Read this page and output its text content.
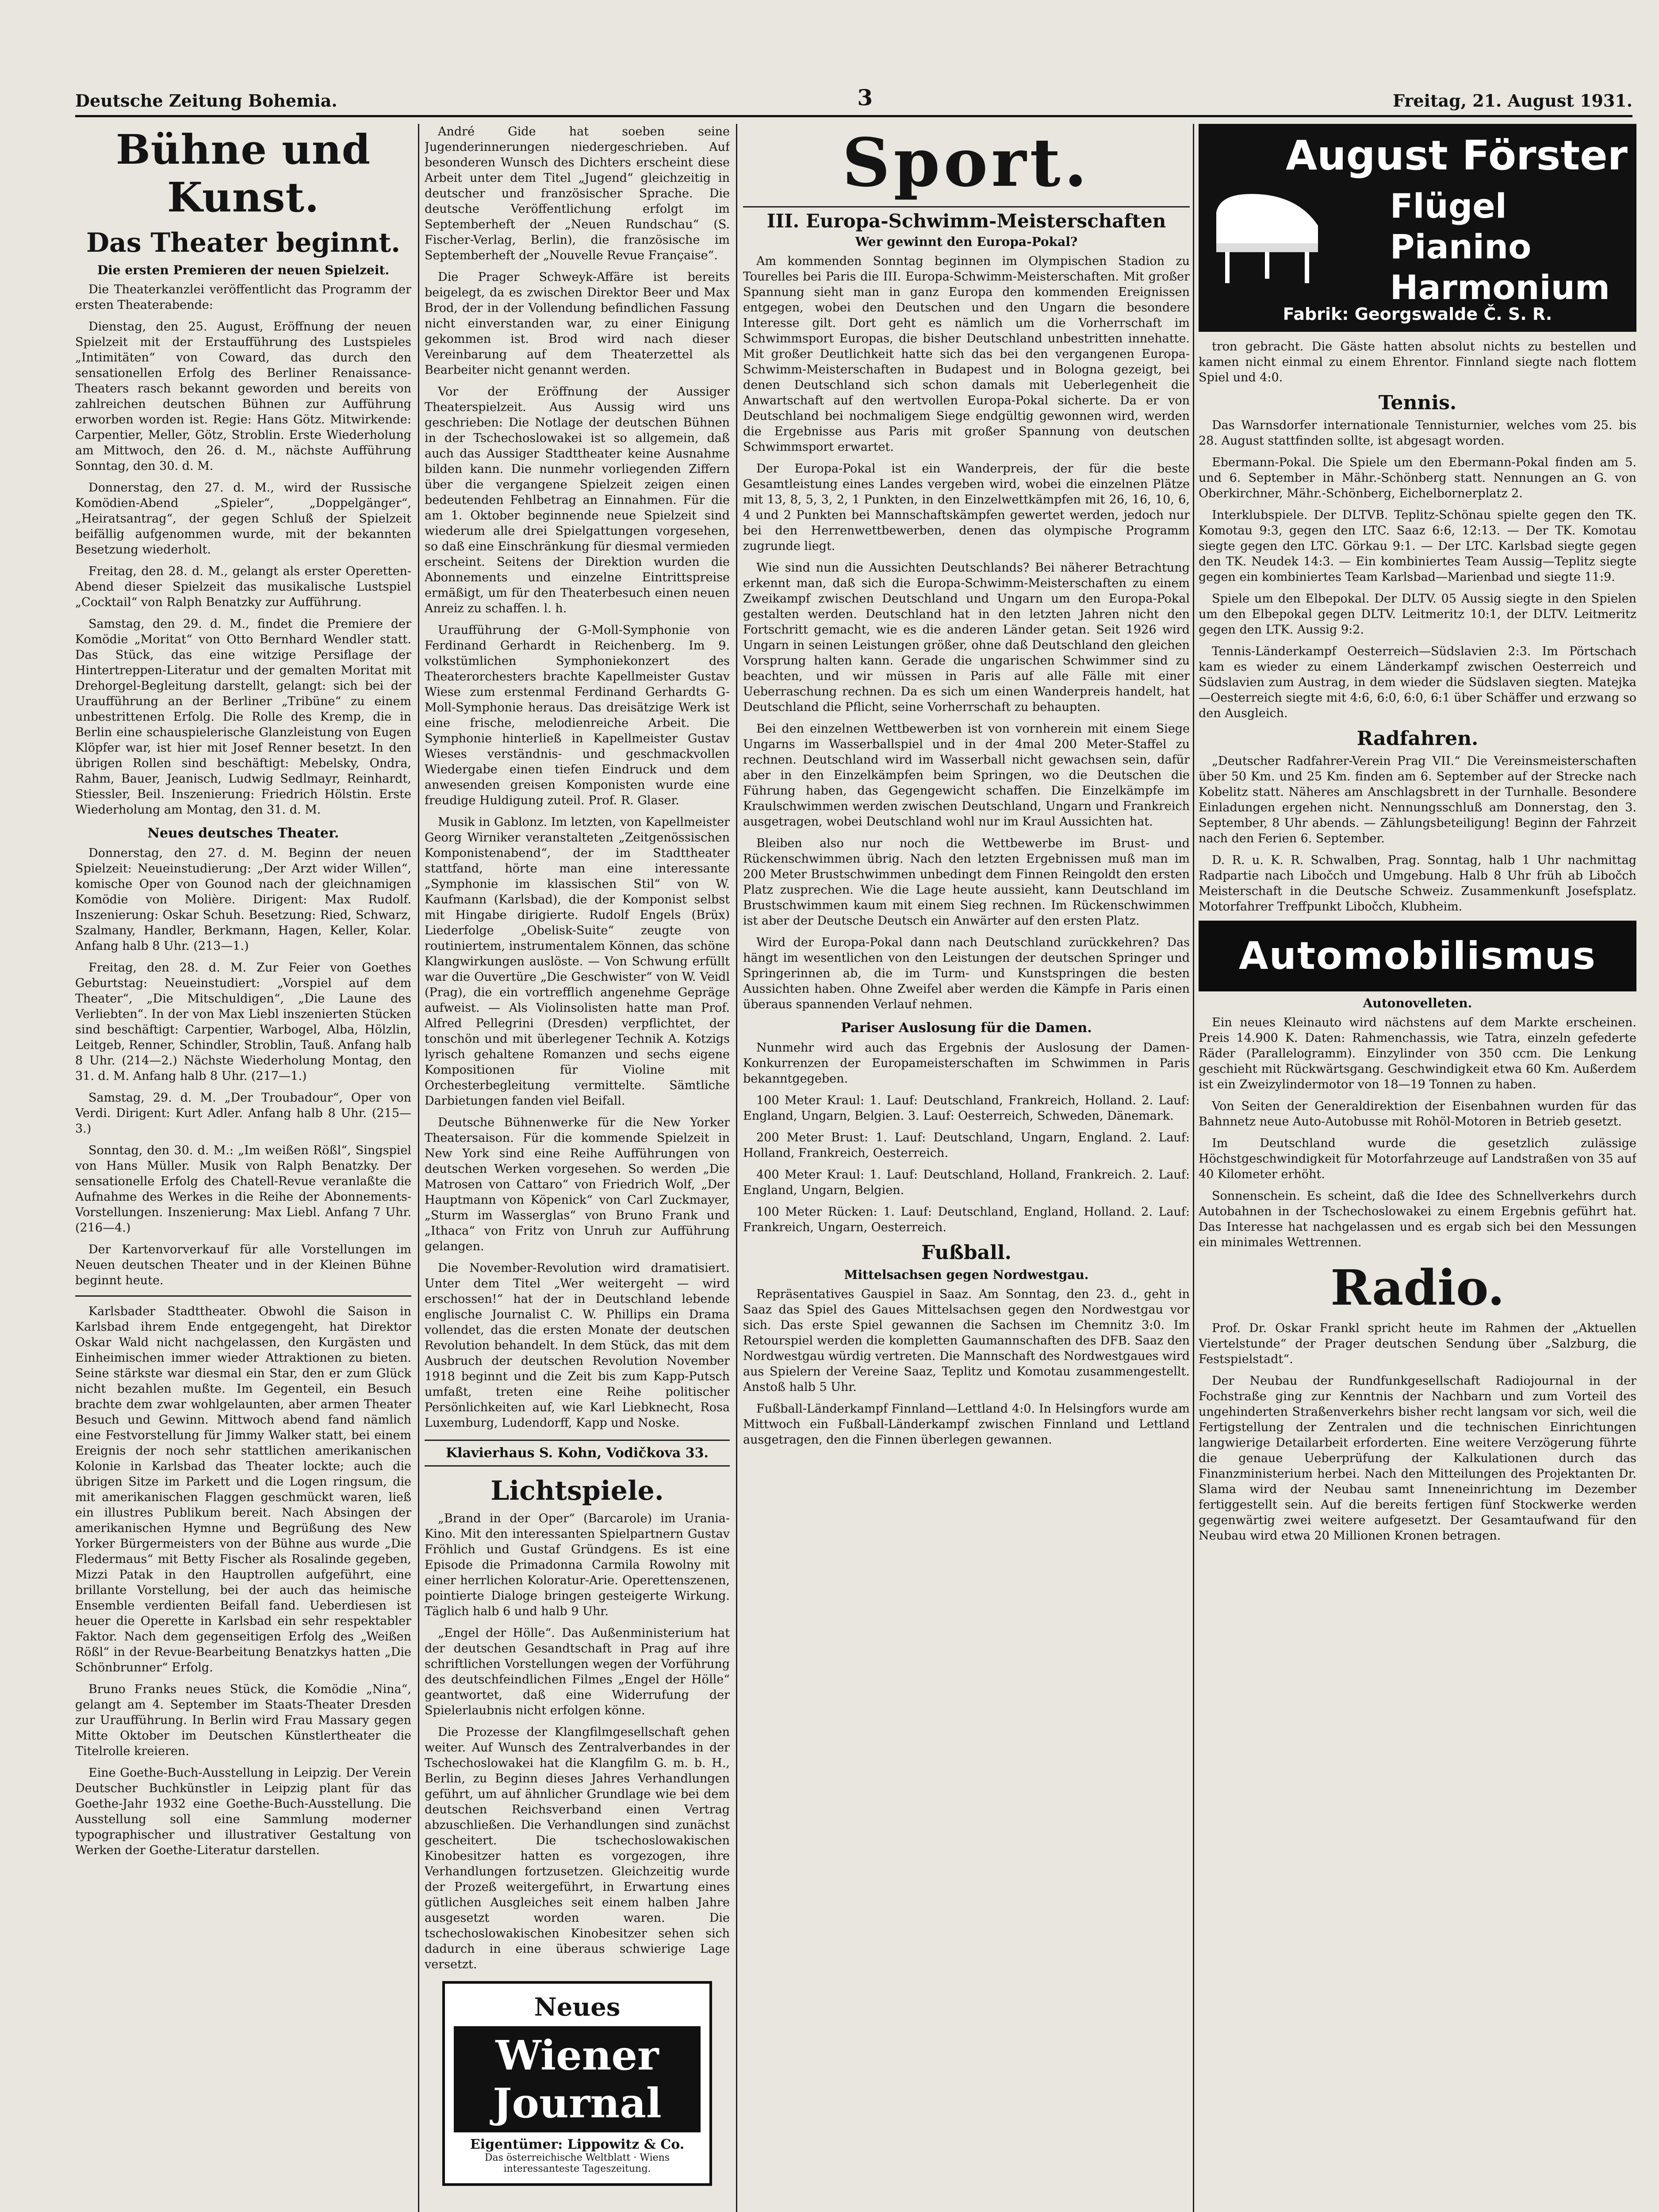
Deutsche Zeitung Bohemia.	3	Freitag, 21. August 1931.
Bühne und Kunst.
Das Theater beginnt.
Die ersten Premieren der neuen Spielzeit.

Die Theaterkanzlei veröffentlicht das Programm der ersten Theaterabende:

Dienstag, den 25. August, Eröffnung der neuen Spielzeit mit der Erstaufführung des Lustspieles „Intimitäten“ von Coward, das durch den sensationellen Erfolg des Berliner Renaissance-Theaters rasch bekannt geworden und bereits von zahlreichen deutschen Bühnen zur Aufführung erworben worden ist. Regie: Hans Götz. Mitwirkende: Carpentier, Meller, Götz, Stroblin. Erste Wiederholung am Mittwoch, den 26. d. M., nächste Aufführung Sonntag, den 30. d. M.

Donnerstag, den 27. d. M., wird der Russische Komödien-Abend „Spieler“, „Doppelgänger“, „Heiratsantrag“, der gegen Schluß der Spielzeit beifällig aufgenommen wurde, mit der bekannten Besetzung wiederholt.

Freitag, den 28. d. M., gelangt als erster Operetten-Abend dieser Spielzeit das musikalische Lustspiel „Cocktail“ von Ralph Benatzky zur Aufführung.

Samstag, den 29. d. M., findet die Premiere der Komödie „Moritat“ von Otto Bernhard Wendler statt. Das Stück, das eine witzige Persiflage der Hintertreppen-Literatur und der gemalten Moritat mit Drehorgel-Begleitung darstellt, gelangt: sich bei der Uraufführung an der Berliner „Tribüne“ zu einem unbestrittenen Erfolg. Die Rolle des Kremp, die in Berlin eine schauspielerische Glanzleistung von Eugen Klöpfer war, ist hier mit Josef Renner besetzt. In den übrigen Rollen sind beschäftigt: Mebelsky, Ondra, Rahm, Bauer, Jeanisch, Ludwig Sedlmayr, Reinhardt, Stiessler, Beil. Inszenierung: Friedrich Hölstin. Erste Wiederholung am Montag, den 31. d. M.

Neues deutsches Theater.

Donnerstag, den 27. d. M. Beginn der neuen Spielzeit: Neueinstudierung: „Der Arzt wider Willen“, komische Oper von Gounod nach der gleichnamigen Komödie von Molière. Dirigent: Max Rudolf. Inszenierung: Oskar Schuh. Besetzung: Ried, Schwarz, Szalmany, Handler, Berkmann, Hagen, Keller, Kolar. Anfang halb 8 Uhr. (213—1.)

Freitag, den 28. d. M. Zur Feier von Goethes Geburtstag: Neueinstudiert: „Vorspiel auf dem Theater“, „Die Mitschuldigen“, „Die Laune des Verliebten“. In der von Max Liebl inszenierten Stücken sind beschäftigt: Carpentier, Warbogel, Alba, Hölzlin, Leitgeb, Renner, Schindler, Stroblin, Tauß. Anfang halb 8 Uhr. (214—2.) Nächste Wiederholung Montag, den 31. d. M. Anfang halb 8 Uhr. (217—1.)

Samstag, 29. d. M. „Der Troubadour“, Oper von Verdi. Dirigent: Kurt Adler. Anfang halb 8 Uhr. (215—3.)

Sonntag, den 30. d. M.: „Im weißen Rößl“, Singspiel von Hans Müller. Musik von Ralph Benatzky. Der sensationelle Erfolg des Chatell-Revue veranlaßte die Aufnahme des Werkes in die Reihe der Abonnements-Vorstellungen. Inszenierung: Max Liebl. Anfang 7 Uhr. (216—4.)

Der Kartenvorverkauf für alle Vorstellungen im Neuen deutschen Theater und in der Kleinen Bühne beginnt heute.

Karlsbader Stadttheater. Obwohl die Saison in Karlsbad ihrem Ende entgegengeht, hat Direktor Oskar Wald nicht nachgelassen, den Kurgästen und Einheimischen immer wieder Attraktionen zu bieten. Seine stärkste war diesmal ein Star, den er zum Glück nicht bezahlen mußte. Im Gegenteil, ein Besuch brachte dem zwar wohlgelaunten, aber armen Theater Besuch und Gewinn. Mittwoch abend fand nämlich eine Festvorstellung für Jimmy Walker statt, bei einem Ereignis der noch sehr stattlichen amerikanischen Kolonie in Karlsbad das Theater lockte; auch die übrigen Sitze im Parkett und die Logen ringsum, die mit amerikanischen Flaggen geschmückt waren, ließ ein illustres Publikum bereit. Nach Absingen der amerikanischen Hymne und Begrüßung des New Yorker Bürgermeisters von der Bühne aus wurde „Die Fledermaus“ mit Betty Fischer als Rosalinde gegeben, Mizzi Patak in den Hauptrollen aufgeführt, eine brillante Vorstellung, bei der auch das heimische Ensemble verdienten Beifall fand. Ueberdiesen ist heuer die Operette in Karlsbad ein sehr respektabler Faktor. Nach dem gegenseitigen Erfolg des „Weißen Rößl“ in der Revue-Bearbeitung Benatzkys hatten „Die Schönbrunner“ Erfolg.

Bruno Franks neues Stück, die Komödie „Nina“, gelangt am 4. September im Staats-Theater Dresden zur Uraufführung. In Berlin wird Frau Massary gegen Mitte Oktober im Deutschen Künstlertheater die Titelrolle kreieren.

Eine Goethe-Buch-Ausstellung in Leipzig. Der Verein Deutscher Buchkünstler in Leipzig plant für das Goethe-Jahr 1932 eine Goethe-Buch-Ausstellung. Die Ausstellung soll eine Sammlung moderner typographischer und illustrativer Gestaltung von Werken der Goethe-Literatur darstellen.

André Gide hat soeben seine Jugenderinnerungen niedergeschrieben. Auf besonderen Wunsch des Dichters erscheint diese Arbeit unter dem Titel „Jugend“ gleichzeitig in deutscher und französischer Sprache. Die deutsche Veröffentlichung erfolgt im Septemberheft der „Neuen Rundschau“ (S. Fischer-Verlag, Berlin), die französische im Septemberheft der „Nouvelle Revue Française“.

Die Prager Schweyk-Affäre ist bereits beigelegt, da es zwischen Direktor Beer und Max Brod, der in der Vollendung befindlichen Fassung nicht einverstanden war, zu einer Einigung gekommen ist. Brod wird nach dieser Vereinbarung auf dem Theaterzettel als Bearbeiter nicht genannt werden.

Vor der Eröffnung der Aussiger Theaterspielzeit. Aus Aussig wird uns geschrieben: Die Notlage der deutschen Bühnen in der Tschechoslowakei ist so allgemein, daß auch das Aussiger Stadttheater keine Ausnahme bilden kann. Die nunmehr vorliegenden Ziffern über die vergangene Spielzeit zeigen einen bedeutenden Fehlbetrag an Einnahmen. Für die am 1. Oktober beginnende neue Spielzeit sind wiederum alle drei Spielgattungen vorgesehen, so daß eine Einschränkung für diesmal vermieden erscheint. Seitens der Direktion wurden die Abonnements und einzelne Eintrittspreise ermäßigt, um für den Theaterbesuch einen neuen Anreiz zu schaffen. l. h.

Uraufführung der G-Moll-Symphonie von Ferdinand Gerhardt in Reichenberg. Im 9. volkstümlichen Symphoniekonzert des Theaterorchesters brachte Kapellmeister Gustav Wiese zum erstenmal Ferdinand Gerhardts G-Moll-Symphonie heraus. Das dreisätzige Werk ist eine frische, melodienreiche Arbeit. Die Symphonie hinterließ in Kapellmeister Gustav Wieses verständnis- und geschmackvollen Wiedergabe einen tiefen Eindruck und dem anwesenden greisen Komponisten wurde eine freudige Huldigung zuteil. Prof. R. Glaser.

Musik in Gablonz. Im letzten, von Kapellmeister Georg Wirniker veranstalteten „Zeitgenössischen Komponistenabend“, der im Stadttheater stattfand, hörte man eine interessante „Symphonie im klassischen Stil“ von W. Kaufmann (Karlsbad), die der Komponist selbst mit Hingabe dirigierte. Rudolf Engels (Brüx) Liederfolge „Obelisk-Suite“ zeugte von routiniertem, instrumentalem Können, das schöne Klangwirkungen auslöste. — Von Schwung erfüllt war die Ouvertüre „Die Geschwister“ von W. Veidl (Prag), die ein vortrefflich angenehme Gepräge aufweist. — Als Violinsolisten hatte man Prof. Alfred Pellegrini (Dresden) verpflichtet, der tonschön und mit überlegener Technik A. Kotzigs lyrisch gehaltene Romanzen und sechs eigene Kompositionen für Violine mit Orchesterbegleitung vermittelte. Sämtliche Darbietungen fanden viel Beifall.

Deutsche Bühnenwerke für die New Yorker Theatersaison. Für die kommende Spielzeit in New York sind eine Reihe Aufführungen von deutschen Werken vorgesehen. So werden „Die Matrosen von Cattaro“ von Friedrich Wolf, „Der Hauptmann von Köpenick“ von Carl Zuckmayer, „Sturm im Wasserglas“ von Bruno Frank und „Ithaca“ von Fritz von Unruh zur Aufführung gelangen.

Die November-Revolution wird dramatisiert. Unter dem Titel „Wer weitergeht — wird erschossen!“ hat der in Deutschland lebende englische Journalist C. W. Phillips ein Drama vollendet, das die ersten Monate der deutschen Revolution behandelt. In dem Stück, das mit dem Ausbruch der deutschen Revolution November 1918 beginnt und die Zeit bis zum Kapp-Putsch umfaßt, treten eine Reihe politischer Persönlichkeiten auf, wie Karl Liebknecht, Rosa Luxemburg, Ludendorff, Kapp und Noske.

Klavierhaus S. Kohn, Vodičkova 33.
Lichtspiele.

„Brand in der Oper“ (Barcarole) im Urania-Kino. Mit den interessanten Spielpartnern Gustav Fröhlich und Gustaf Gründgens. Es ist eine Episode die Primadonna Carmila Rowolny mit einer herrlichen Koloratur-Arie. Operettenszenen, pointierte Dialoge bringen gesteigerte Wirkung. Täglich halb 6 und halb 9 Uhr.

„Engel der Hölle“. Das Außenministerium hat der deutschen Gesandtschaft in Prag auf ihre schriftlichen Vorstellungen wegen der Vorführung des deutschfeindlichen Filmes „Engel der Hölle“ geantwortet, daß eine Widerrufung der Spielerlaubnis nicht erfolgen könne.

Die Prozesse der Klangfilmgesellschaft gehen weiter. Auf Wunsch des Zentralverbandes in der Tschechoslowakei hat die Klangfilm G. m. b. H., Berlin, zu Beginn dieses Jahres Verhandlungen geführt, um auf ähnlicher Grundlage wie bei dem deutschen Reichsverband einen Vertrag abzuschließen. Die Verhandlungen sind zunächst gescheitert. Die tschechoslowakischen Kinobesitzer hatten es vorgezogen, ihre Verhandlungen fortzusetzen. Gleichzeitig wurde der Prozeß weitergeführt, in Erwartung eines gütlichen Ausgleiches seit einem halben Jahre ausgesetzt worden waren. Die tschechoslowakischen Kinobesitzer sehen sich dadurch in eine überaus schwierige Lage versetzt.

Neues
Wiener Journal
Eigentümer: Lippowitz & Co.
Das österreichische Weltblatt · Wiens interessanteste Tageszeitung.
Sport.
III. Europa-Schwimm-Meisterschaften
Wer gewinnt den Europa-Pokal?

Am kommenden Sonntag beginnen im Olympischen Stadion zu Tourelles bei Paris die III. Europa-Schwimm-Meisterschaften. Mit großer Spannung sieht man in ganz Europa den kommenden Ereignissen entgegen, wobei den Deutschen und den Ungarn die besondere Interesse gilt. Dort geht es nämlich um die Vorherrschaft im Schwimmsport Europas, die bisher Deutschland unbestritten innehatte. Mit großer Deutlichkeit hatte sich das bei den vergangenen Europa-Schwimm-Meisterschaften in Budapest und in Bologna gezeigt, bei denen Deutschland sich schon damals mit Ueberlegenheit die Anwartschaft auf den wertvollen Europa-Pokal sicherte. Da er von Deutschland bei nochmaligem Siege endgültig gewonnen wird, werden die Ergebnisse aus Paris mit großer Spannung von deutschen Schwimmsport erwartet.

Der Europa-Pokal ist ein Wanderpreis, der für die beste Gesamtleistung eines Landes vergeben wird, wobei die einzelnen Plätze mit 13, 8, 5, 3, 2, 1 Punkten, in den Einzelwettkämpfen mit 26, 16, 10, 6, 4 und 2 Punkten bei Mannschaftskämpfen gewertet werden, jedoch nur bei den Herrenwettbewerben, denen das olympische Programm zugrunde liegt.

Wie sind nun die Aussichten Deutschlands? Bei näherer Betrachtung erkennt man, daß sich die Europa-Schwimm-Meisterschaften zu einem Zweikampf zwischen Deutschland und Ungarn um den Europa-Pokal gestalten werden. Deutschland hat in den letzten Jahren nicht den Fortschritt gemacht, wie es die anderen Länder getan. Seit 1926 wird Ungarn in seinen Leistungen größer, ohne daß Deutschland den gleichen Vorsprung halten kann. Gerade die ungarischen Schwimmer sind zu beachten, und wir müssen in Paris auf alle Fälle mit einer Ueberraschung rechnen. Da es sich um einen Wanderpreis handelt, hat Deutschland die Pflicht, seine Vorherrschaft zu behaupten.

Bei den einzelnen Wettbewerben ist von vornherein mit einem Siege Ungarns im Wasserballspiel und in der 4mal 200 Meter-Staffel zu rechnen. Deutschland wird im Wasserball nicht gewachsen sein, dafür aber in den Einzelkämpfen beim Springen, wo die Deutschen die Führung haben, das Gegengewicht schaffen. Die Einzelkämpfe im Kraulschwimmen werden zwischen Deutschland, Ungarn und Frankreich ausgetragen, wobei Deutschland wohl nur im Kraul Aussichten hat.

Bleiben also nur noch die Wettbewerbe im Brust- und Rückenschwimmen übrig. Nach den letzten Ergebnissen muß man im 200 Meter Brustschwimmen unbedingt dem Finnen Reingoldt den ersten Platz zusprechen. Wie die Lage heute aussieht, kann Deutschland im Brustschwimmen kaum mit einem Sieg rechnen. Im Rückenschwimmen ist aber der Deutsche Deutsch ein Anwärter auf den ersten Platz.

Wird der Europa-Pokal dann nach Deutschland zurückkehren? Das hängt im wesentlichen von den Leistungen der deutschen Springer und Springerinnen ab, die im Turm- und Kunstspringen die besten Aussichten haben. Ohne Zweifel aber werden die Kämpfe in Paris einen überaus spannenden Verlauf nehmen.

Pariser Auslosung für die Damen.

Nunmehr wird auch das Ergebnis der Auslosung der Damen-Konkurrenzen der Europameisterschaften im Schwimmen in Paris bekanntgegeben.

100 Meter Kraul: 1. Lauf: Deutschland, Frankreich, Holland. 2. Lauf: England, Ungarn, Belgien. 3. Lauf: Oesterreich, Schweden, Dänemark.

200 Meter Brust: 1. Lauf: Deutschland, Ungarn, England. 2. Lauf: Holland, Frankreich, Oesterreich.

400 Meter Kraul: 1. Lauf: Deutschland, Holland, Frankreich. 2. Lauf: England, Ungarn, Belgien.

100 Meter Rücken: 1. Lauf: Deutschland, England, Holland. 2. Lauf: Frankreich, Ungarn, Oesterreich.

Fußball.
Mittelsachsen gegen Nordwestgau.

Repräsentatives Gauspiel in Saaz. Am Sonntag, den 23. d., geht in Saaz das Spiel des Gaues Mittelsachsen gegen den Nordwestgau vor sich. Das erste Spiel gewannen die Sachsen im Chemnitz 3:0. Im Retourspiel werden die kompletten Gaumannschaften des DFB. Saaz den Nordwestgau würdig vertreten. Die Mannschaft des Nordwestgaues wird aus Spielern der Vereine Saaz, Teplitz und Komotau zusammengestellt. Anstoß halb 5 Uhr.

Fußball-Länderkampf Finnland—Lettland 4:0. In Helsingfors wurde am Mittwoch ein Fußball-Länderkampf zwischen Finnland und Lettland ausgetragen, den die Finnen überlegen gewannen.

August Förster
Flügel
Pianino
Harmonium
Fabrik: Georgswalde Č. S. R.

tron gebracht. Die Gäste hatten absolut nichts zu bestellen und kamen nicht einmal zu einem Ehrentor. Finnland siegte nach flottem Spiel und 4:0.

Tennis.

Das Warnsdorfer internationale Tennisturnier, welches vom 25. bis 28. August stattfinden sollte, ist abgesagt worden.

Ebermann-Pokal. Die Spiele um den Ebermann-Pokal finden am 5. und 6. September in Mähr.-Schönberg statt. Nennungen an G. von Oberkirchner, Mähr.-Schönberg, Eichelbornerplatz 2.

Interklubspiele. Der DLTVB. Teplitz-Schönau spielte gegen den TK. Komotau 9:3, gegen den LTC. Saaz 6:6, 12:13. — Der TK. Komotau siegte gegen den LTC. Görkau 9:1. — Der LTC. Karlsbad siegte gegen den TK. Neudek 14:3. — Ein kombiniertes Team Aussig—Teplitz siegte gegen ein kombiniertes Team Karlsbad—Marienbad und siegte 11:9.

Spiele um den Elbepokal. Der DLTV. 05 Aussig siegte in den Spielen um den Elbepokal gegen DLTV. Leitmeritz 10:1, der DLTV. Leitmeritz gegen den LTK. Aussig 9:2.

Tennis-Länderkampf Oesterreich—Südslavien 2:3. Im Pörtschach kam es wieder zu einem Länderkampf zwischen Oesterreich und Südslavien zum Austrag, in dem wieder die Südslaven siegten. Matejka—Oesterreich siegte mit 4:6, 6:0, 6:0, 6:1 über Schäffer und erzwang so den Ausgleich.

Radfahren.

„Deutscher Radfahrer-Verein Prag VII.“ Die Vereinsmeisterschaften über 50 Km. und 25 Km. finden am 6. September auf der Strecke nach Kobelitz statt. Näheres am Anschlagsbrett in der Turnhalle. Besondere Einladungen ergehen nicht. Nennungsschluß am Donnerstag, den 3. September, 8 Uhr abends. — Zählungsbeteiligung! Beginn der Fahrzeit nach den Ferien 6. September.

D. R. u. K. R. Schwalben, Prag. Sonntag, halb 1 Uhr nachmittag Radpartie nach Libočch und Umgebung. Halb 8 Uhr früh ab Libočch Meisterschaft in die Deutsche Schweiz. Zusammenkunft Josefsplatz. Motorfahrer Treffpunkt Libočch, Klubheim.

Automobilismus
Autonovelleten.

Ein neues Kleinauto wird nächstens auf dem Markte erscheinen. Preis 14.900 K. Daten: Rahmenchassis, wie Tatra, einzeln gefederte Räder (Parallelogramm). Einzylinder von 350 ccm. Die Lenkung geschieht mit Rückwärtsgang. Geschwindigkeit etwa 60 Km. Außerdem ist ein Zweizylindermotor von 18—19 Tonnen zu haben.

Von Seiten der Generaldirektion der Eisenbahnen wurden für das Bahnnetz neue Auto-Autobusse mit Rohöl-Motoren in Betrieb gesetzt.

Im Deutschland wurde die gesetzlich zulässige Höchstgeschwindigkeit für Motorfahrzeuge auf Landstraßen von 35 auf 40 Kilometer erhöht.

Sonnenschein. Es scheint, daß die Idee des Schnellverkehrs durch Autobahnen in der Tschechoslowakei zu einem Ergebnis geführt hat. Das Interesse hat nachgelassen und es ergab sich bei den Messungen ein minimales Wettrennen.

Radio.

Prof. Dr. Oskar Frankl spricht heute im Rahmen der „Aktuellen Viertelstunde“ der Prager deutschen Sendung über „Salzburg, die Festspielstadt“.

Der Neubau der Rundfunkgesellschaft Radiojournal in der Fochstraße ging zur Kenntnis der Nachbarn und zum Vorteil des ungehinderten Straßenverkehrs bisher recht langsam vor sich, weil die Fertigstellung der Zentralen und die technischen Einrichtungen langwierige Detailarbeit erforderten. Eine weitere Verzögerung führte die genaue Ueberprüfung der Kalkulationen durch das Finanzministerium herbei. Nach den Mitteilungen des Projektanten Dr. Slama wird der Neubau samt Inneneinrichtung im Dezember fertiggestellt sein. Auf die bereits fertigen fünf Stockwerke werden gegenwärtig zwei weitere aufgesetzt. Der Gesamtaufwand für den Neubau wird etwa 20 Millionen Kronen betragen.
